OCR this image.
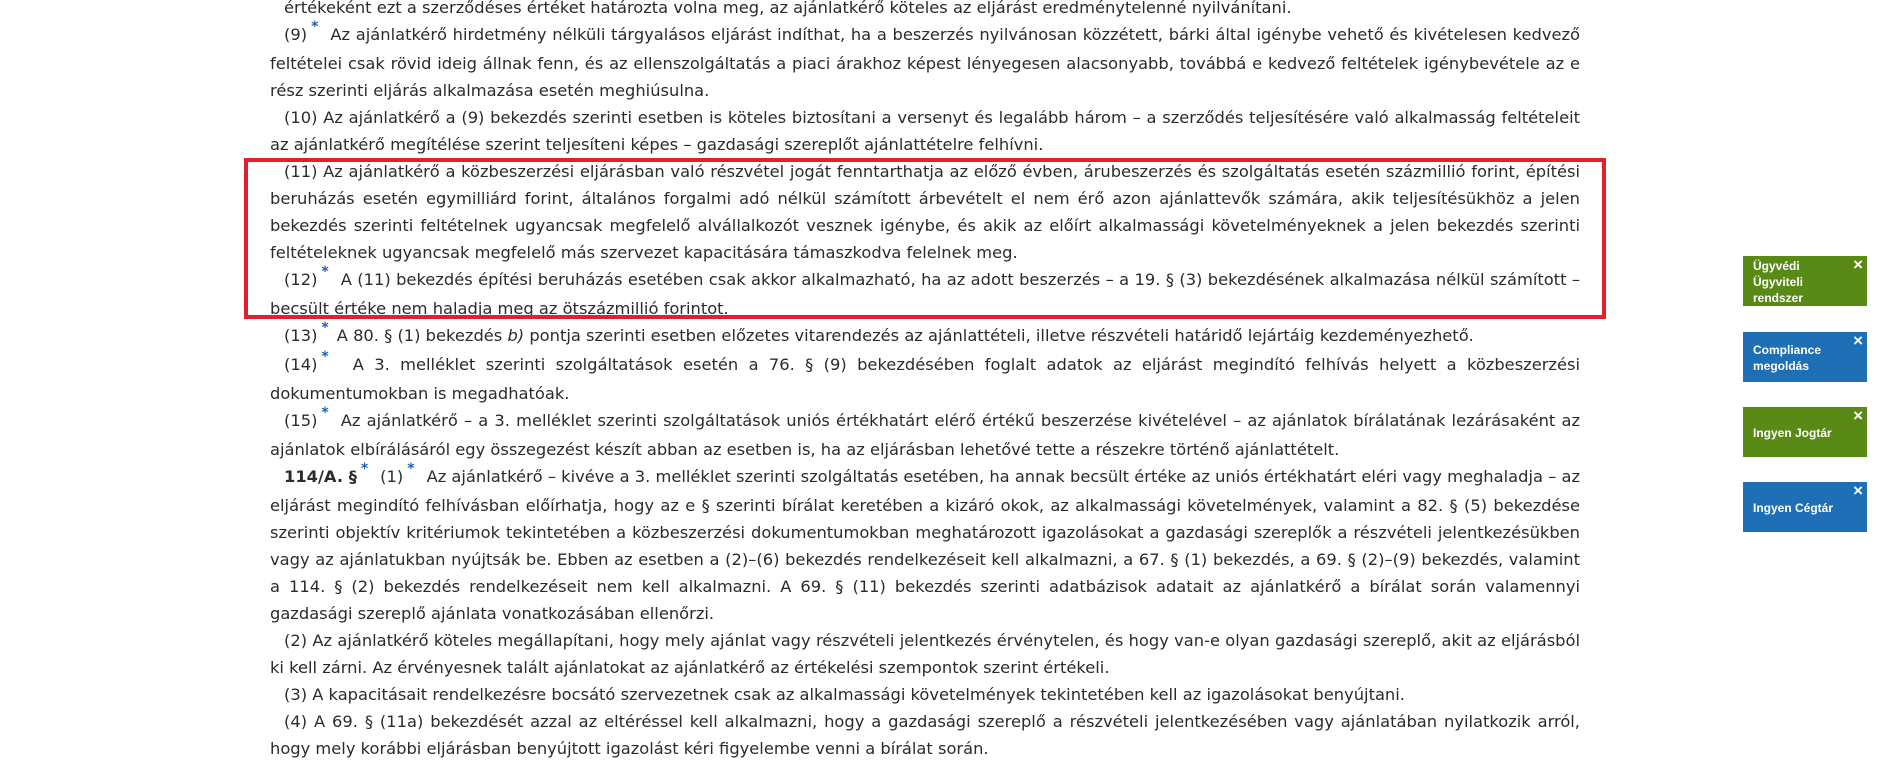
értékeként ezt a szerződéses értéket határozta volna meg, az ajánlatkérő köteles az eljárást eredménytelenné nyilvánítani.

(9) * Az ajánlatkérő hirdetmény nélküli tárgyalásos eljárást indíthat, ha a beszerzés nyilvánosan közzétett, bárki által igénybe vehető és kivételesen kedvező feltételei csak rövid ideig állnak fenn, és az ellenszolgáltatás a piaci árakhoz képest lényegesen alacsonyabb, továbbá e kedvező feltételek igénybevétele az e rész szerinti eljárás alkalmazása esetén meghiúsulna.

(10) Az ajánlatkérő a (9) bekezdés szerinti esetben is köteles biztosítani a versenyt és legalább három – a szerződés teljesítésére való alkalmasság feltételeit az ajánlatkérő megítélése szerint teljesíteni képes – gazdasági szereplőt ajánlattételre felhívni.

(11) Az ajánlatkérő a közbeszerzési eljárásban való részvétel jogát fenntarthatja az előző évben, árubeszerzés és szolgáltatás esetén százmillió forint, építési beruházás esetén egymilliárd forint, általános forgalmi adó nélkül számított árbevételt el nem érő azon ajánlattevők számára, akik teljesítésükhöz a jelen bekezdés szerinti feltételnek ugyancsak megfelelő alvállalkozót vesznek igénybe, és akik az előírt alkalmassági követelményeknek a jelen bekezdés szerinti feltételeknek ugyancsak megfelelő más szervezet kapacitására támaszkodva felelnek meg.

(12) * A (11) bekezdés építési beruházás esetében csak akkor alkalmazható, ha az adott beszerzés – a 19. § (3) bekezdésének alkalmazása nélkül számított – becsült értéke nem haladja meg az ötszázmillió forintot.

(13) * A 80. § (1) bekezdés b) pontja szerinti esetben előzetes vitarendezés az ajánlattételi, illetve részvételi határidő lejártáig kezdeményezhető.

(14) * A 3. melléklet szerinti szolgáltatások esetén a 76. § (9) bekezdésében foglalt adatok az eljárást megindító felhívás helyett a közbeszerzési dokumentumokban is megadhatóak.

(15) * Az ajánlatkérő – a 3. melléklet szerinti szolgáltatások uniós értékhatárt elérő értékű beszerzése kivételével – az ajánlatok bírálatának lezárásaként az ajánlatok elbírálásáról egy összegezést készít abban az esetben is, ha az eljárásban lehetővé tette a részekre történő ajánlattételt.

114/A. § * (1) * Az ajánlatkérő – kivéve a 3. melléklet szerinti szolgáltatás esetében, ha annak becsült értéke az uniós értékhatárt eléri vagy meghaladja – az eljárást megindító felhívásban előírhatja, hogy az e § szerinti bírálat keretében a kizáró okok, az alkalmassági követelmények, valamint a 82. § (5) bekezdése szerinti objektív kritériumok tekintetében a közbeszerzési dokumentumokban meghatározott igazolásokat a gazdasági szereplők a részvételi jelentkezésükben vagy az ajánlatukban nyújtsák be. Ebben az esetben a (2)–(6) bekezdés rendelkezéseit kell alkalmazni, a 67. § (1) bekezdés, a 69. § (2)–(9) bekezdés, valamint a 114. § (2) bekezdés rendelkezéseit nem kell alkalmazni. A 69. § (11) bekezdés szerinti adatbázisok adatait az ajánlatkérő a bírálat során valamennyi gazdasági szereplő ajánlata vonatkozásában ellenőrzi.

(2) Az ajánlatkérő köteles megállapítani, hogy mely ajánlat vagy részvételi jelentkezés érvénytelen, és hogy van-e olyan gazdasági szereplő, akit az eljárásból ki kell zárni. Az érvényesnek talált ajánlatokat az ajánlatkérő az értékelési szempontok szerint értékeli.

(3) A kapacitásait rendelkezésre bocsátó szervezetnek csak az alkalmassági követelmények tekintetében kell az igazolásokat benyújtani.

(4) A 69. § (11a) bekezdését azzal az eltéréssel kell alkalmazni, hogy a gazdasági szereplő a részvételi jelentkezésében vagy ajánlatában nyilatkozik arról, hogy mely korábbi eljárásban benyújtott igazolást kéri figyelembe venni a bírálat során.

Ügyvédi Ügyviteli rendszer
×
Compliance megoldás
×
Ingyen Jogtár
×
Ingyen Cégtár
×
